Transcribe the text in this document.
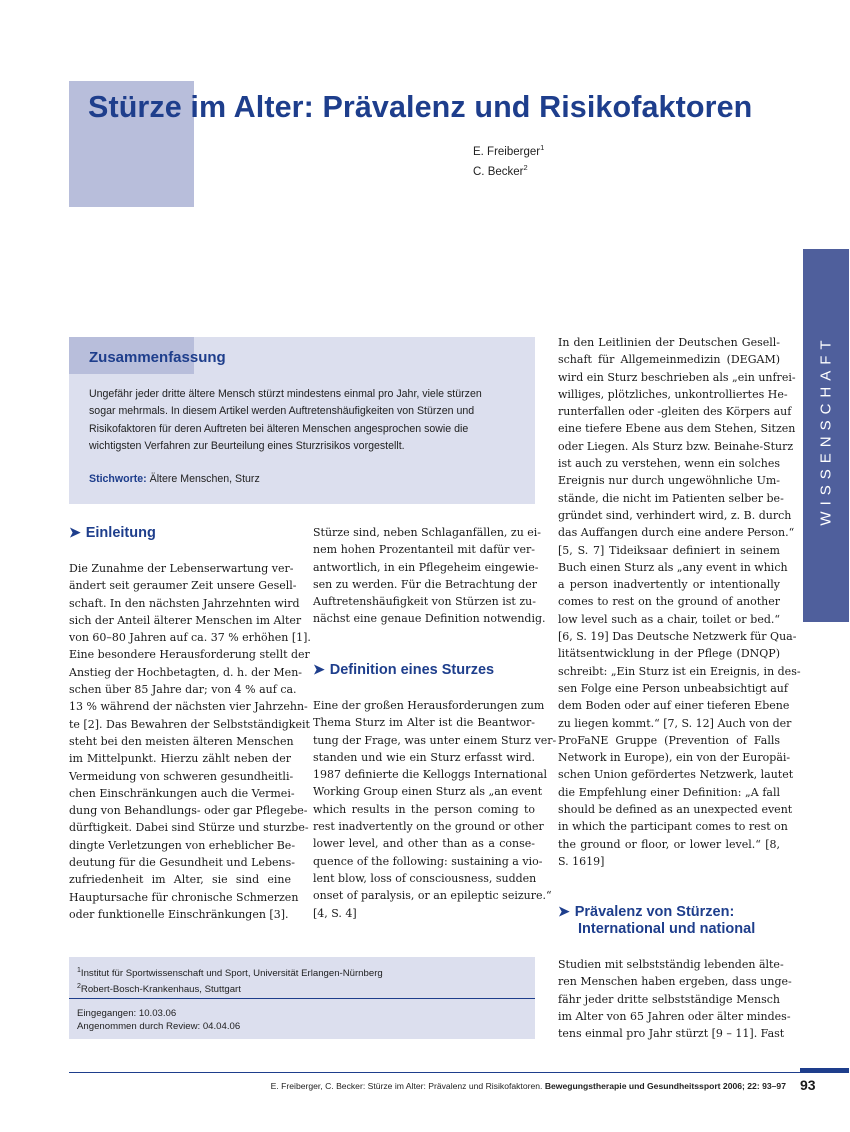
Stürze im Alter: Prävalenz und Risikofaktoren
E. Freiberger$^1$
C. Becker$^2$
WISSENSCHAFT
Zusammenfassung
Ungefähr jeder dritte ältere Mensch stürzt mindestens einmal pro Jahr, viele stürzen
sogar mehrmals. In diesem Artikel werden Auftretenshäufigkeiten von Stürzen und
Risikofaktoren für deren Auftreten bei älteren Menschen angesprochen sowie die
wichtigsten Verfahren zur Beurteilung eines Sturzrisikos vorgestellt.
Stichworte: Ältere Menschen, Sturz
➤ Einleitung
Die Zunahme der Lebenserwartung ver-
ändert seit geraumer Zeit unsere Gesell-
schaft. In den nächsten Jahrzehnten wird
sich der Anteil älterer Menschen im Alter
von 60–80 Jahren auf ca. 37 % erhöhen [1].
Eine besondere Herausforderung stellt der
Anstieg der Hochbetagten, d. h. der Men-
schen über 85 Jahre dar; von 4 % auf ca.
13 % während der nächsten vier Jahrzehn-
te [2]. Das Bewahren der Selbstständigkeit
steht bei den meisten älteren Menschen
im Mittelpunkt. Hierzu zählt neben der
Vermeidung von schweren gesundheitli-
chen Einschränkungen auch die Vermei-
dung von Behandlungs- oder gar Pflegebe-
dürftigkeit. Dabei sind Stürze und sturzbe-
dingte Verletzungen von erheblicher Be-
deutung für die Gesundheit und Lebens-
zufriedenheit im Alter, sie sind eine
Hauptursache für chronische Schmerzen
oder funktionelle Einschränkungen [3].
Stürze sind, neben Schlaganfällen, zu ei-
nem hohen Prozentanteil mit dafür ver-
antwortlich, in ein Pflegeheim eingewie-
sen zu werden. Für die Betrachtung der
Auftretenshäufigkeit von Stürzen ist zu-
nächst eine genaue Definition notwendig.
➤ Definition eines Sturzes
Eine der großen Herausforderungen zum
Thema Sturz im Alter ist die Beantwor-
tung der Frage, was unter einem Sturz ver-
standen und wie ein Sturz erfasst wird.
1987 definierte die Kelloggs International
Working Group einen Sturz als „an event
which results in the person coming to
rest inadvertently on the ground or other
lower level, and other than as a conse-
quence of the following: sustaining a vio-
lent blow, loss of consciousness, sudden
onset of paralysis, or an epileptic seizure.“
[4, S. 4]
In den Leitlinien der Deutschen Gesell-
schaft für Allgemeinmedizin (DEGAM)
wird ein Sturz beschrieben als „ein unfrei-
williges, plötzliches, unkontrolliertes He-
runterfallen oder -gleiten des Körpers auf
eine tiefere Ebene aus dem Stehen, Sitzen
oder Liegen. Als Sturz bzw. Beinahe-Sturz
ist auch zu verstehen, wenn ein solches
Ereignis nur durch ungewöhnliche Um-
stände, die nicht im Patienten selber be-
gründet sind, verhindert wird, z. B. durch
das Auffangen durch eine andere Person.“
[5, S. 7] Tideiksaar definiert in seinem
Buch einen Sturz als „any event in which
a person inadvertently or intentionally
comes to rest on the ground of another
low level such as a chair, toilet or bed.“
[6, S. 19] Das Deutsche Netzwerk für Qua-
litätsentwicklung in der Pflege (DNQP)
schreibt: „Ein Sturz ist ein Ereignis, in des-
sen Folge eine Person unbeabsichtigt auf
dem Boden oder auf einer tieferen Ebene
zu liegen kommt.“ [7, S. 12] Auch von der
ProFaNE Gruppe (Prevention of Falls
Network in Europe), ein von der Europäi-
schen Union gefördertes Netzwerk, lautet
die Empfehlung einer Definition: „A fall
should be defined as an unexpected event
in which the participant comes to rest on
the ground or floor, or lower level.“ [8,
S. 1619]
➤ Prävalenz von Stürzen:
International und national
Studien mit selbstständig lebenden älte-
ren Menschen haben ergeben, dass unge-
fähr jeder dritte selbstständige Mensch
im Alter von 65 Jahren oder älter mindes-
tens einmal pro Jahr stürzt [9 – 11]. Fast
$^1$Institut für Sportwissenschaft und Sport, Universität Erlangen-Nürnberg
$^2$Robert-Bosch-Krankenhaus, Stuttgart
Eingegangen: 10.03.06
Angenommen durch Review: 04.04.06
E. Freiberger, C. Becker: Stürze im Alter: Prävalenz und Risikofaktoren. Bewegungstherapie und Gesundheitssport 2006; 22: 93–97 93
